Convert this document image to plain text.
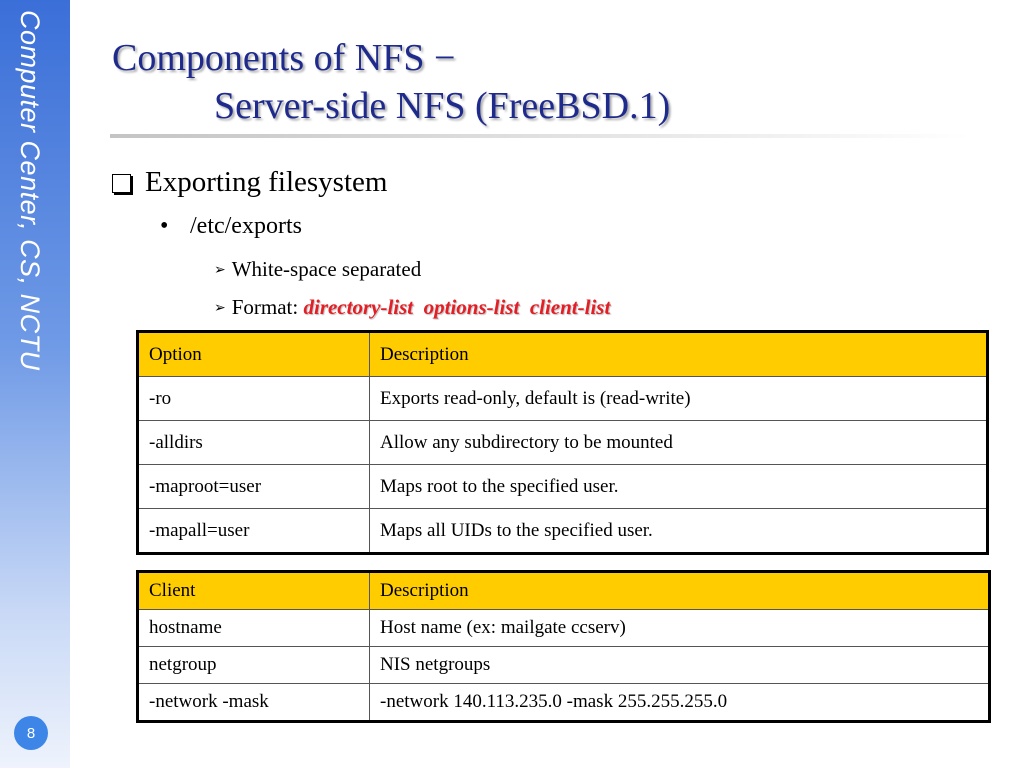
Computer Center, CS, NCTU
8
Components of NFS −
Server-side NFS (FreeBSD.1)
Exporting filesystem
• /etc/exports
➢ White-space separated
➢ Format: directory-list  options-list  client-list
Option	Description
-ro	Exports read-only, default is (read-write)
-alldirs	Allow any subdirectory to be mounted
-maproot=user	Maps root to the specified user.
-mapall=user	Maps all UIDs to the specified user.
Client	Description
hostname	Host name (ex: mailgate ccserv)
netgroup	NIS netgroups
-network -mask	-network 140.113.235.0 -mask 255.255.255.0
